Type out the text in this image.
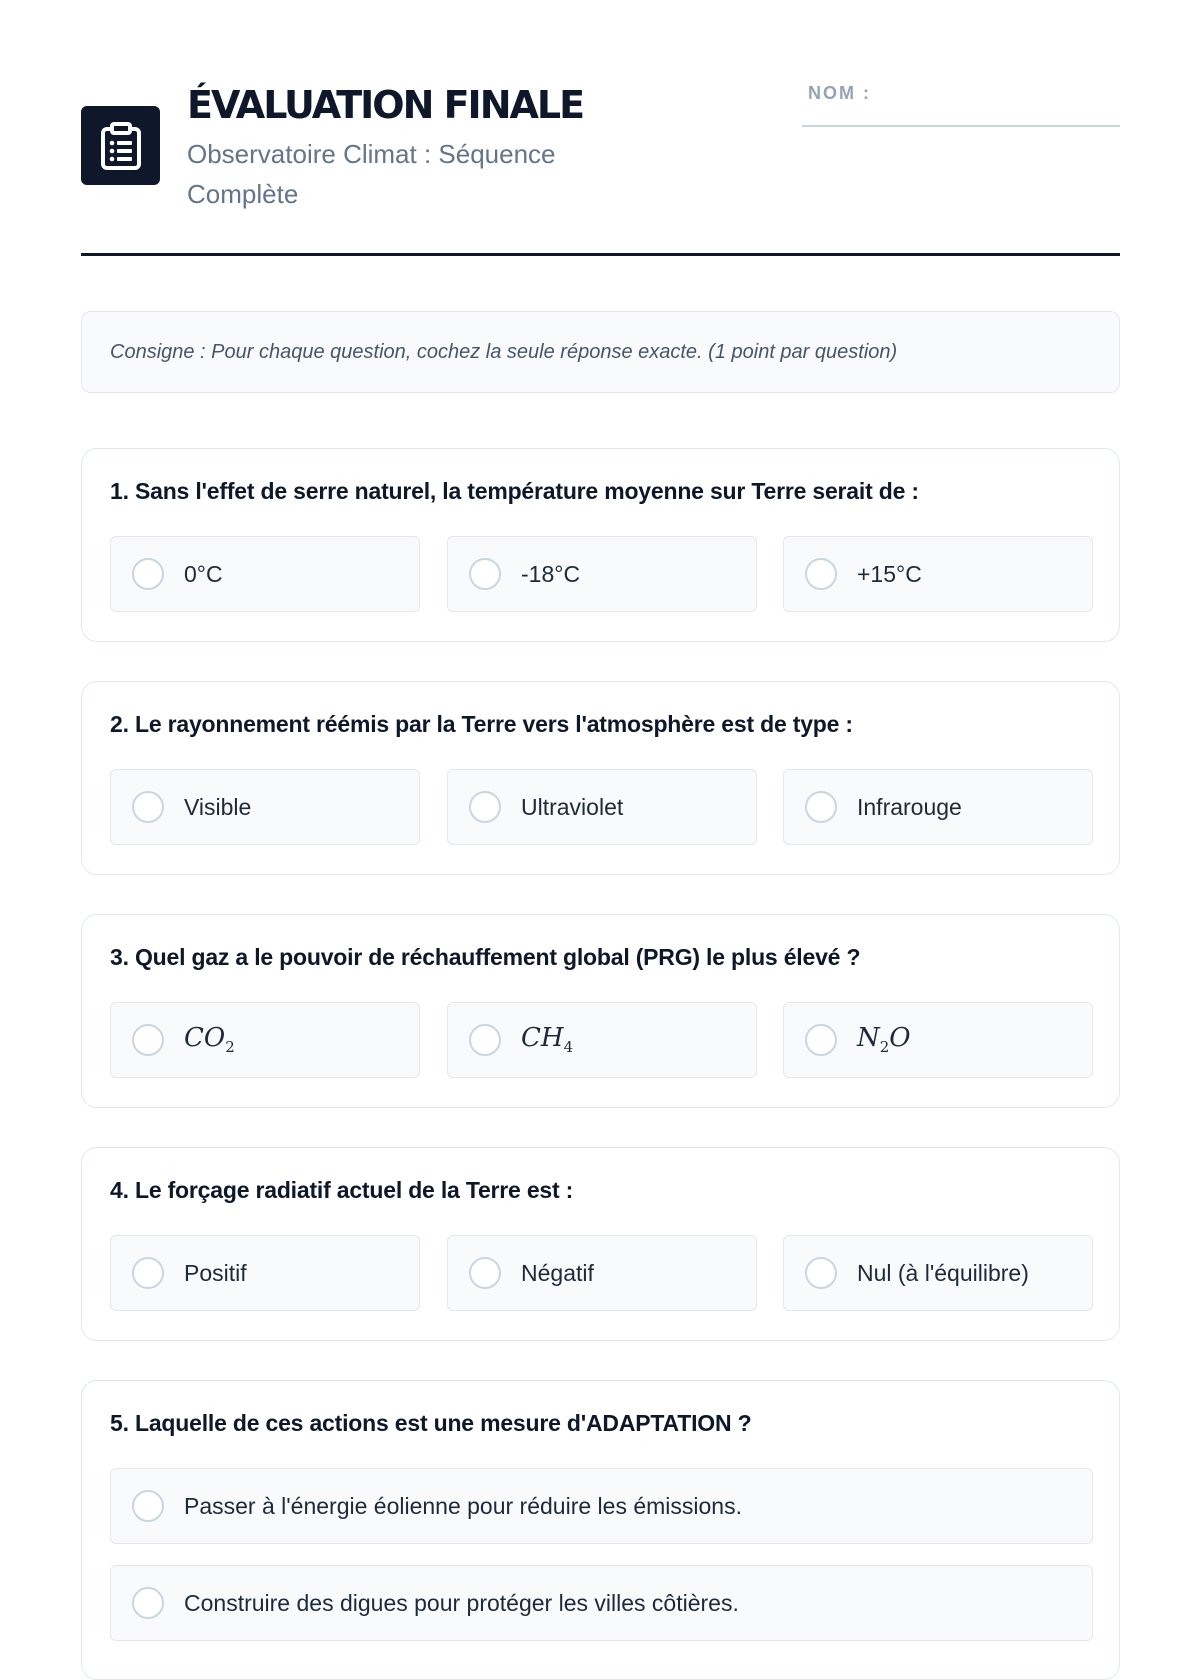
ÉVALUATION FINALE

Observatoire Climat : Séquence Complète

NOM :
Consigne : Pour chaque question, cochez la seule réponse exacte. (1 point par question)

1. Sans l'effet de serre naturel, la température moyenne sur Terre serait de :

0°C	-18°C	+15°C

2. Le rayonnement réémis par la Terre vers l'atmosphère est de type :

Visible	Ultraviolet	Infrarouge

3. Quel gaz a le pouvoir de réchauffement global (PRG) le plus élevé ?

$CO_2$	$CH_4$	$N_2O$

4. Le forçage radiatif actuel de la Terre est :

Positif	Négatif	Nul (à l'équilibre)

5. Laquelle de ces actions est une mesure d'ADAPTATION ?

Passer à l'énergie éolienne pour réduire les émissions.
Construire des digues pour protéger les villes côtières.
